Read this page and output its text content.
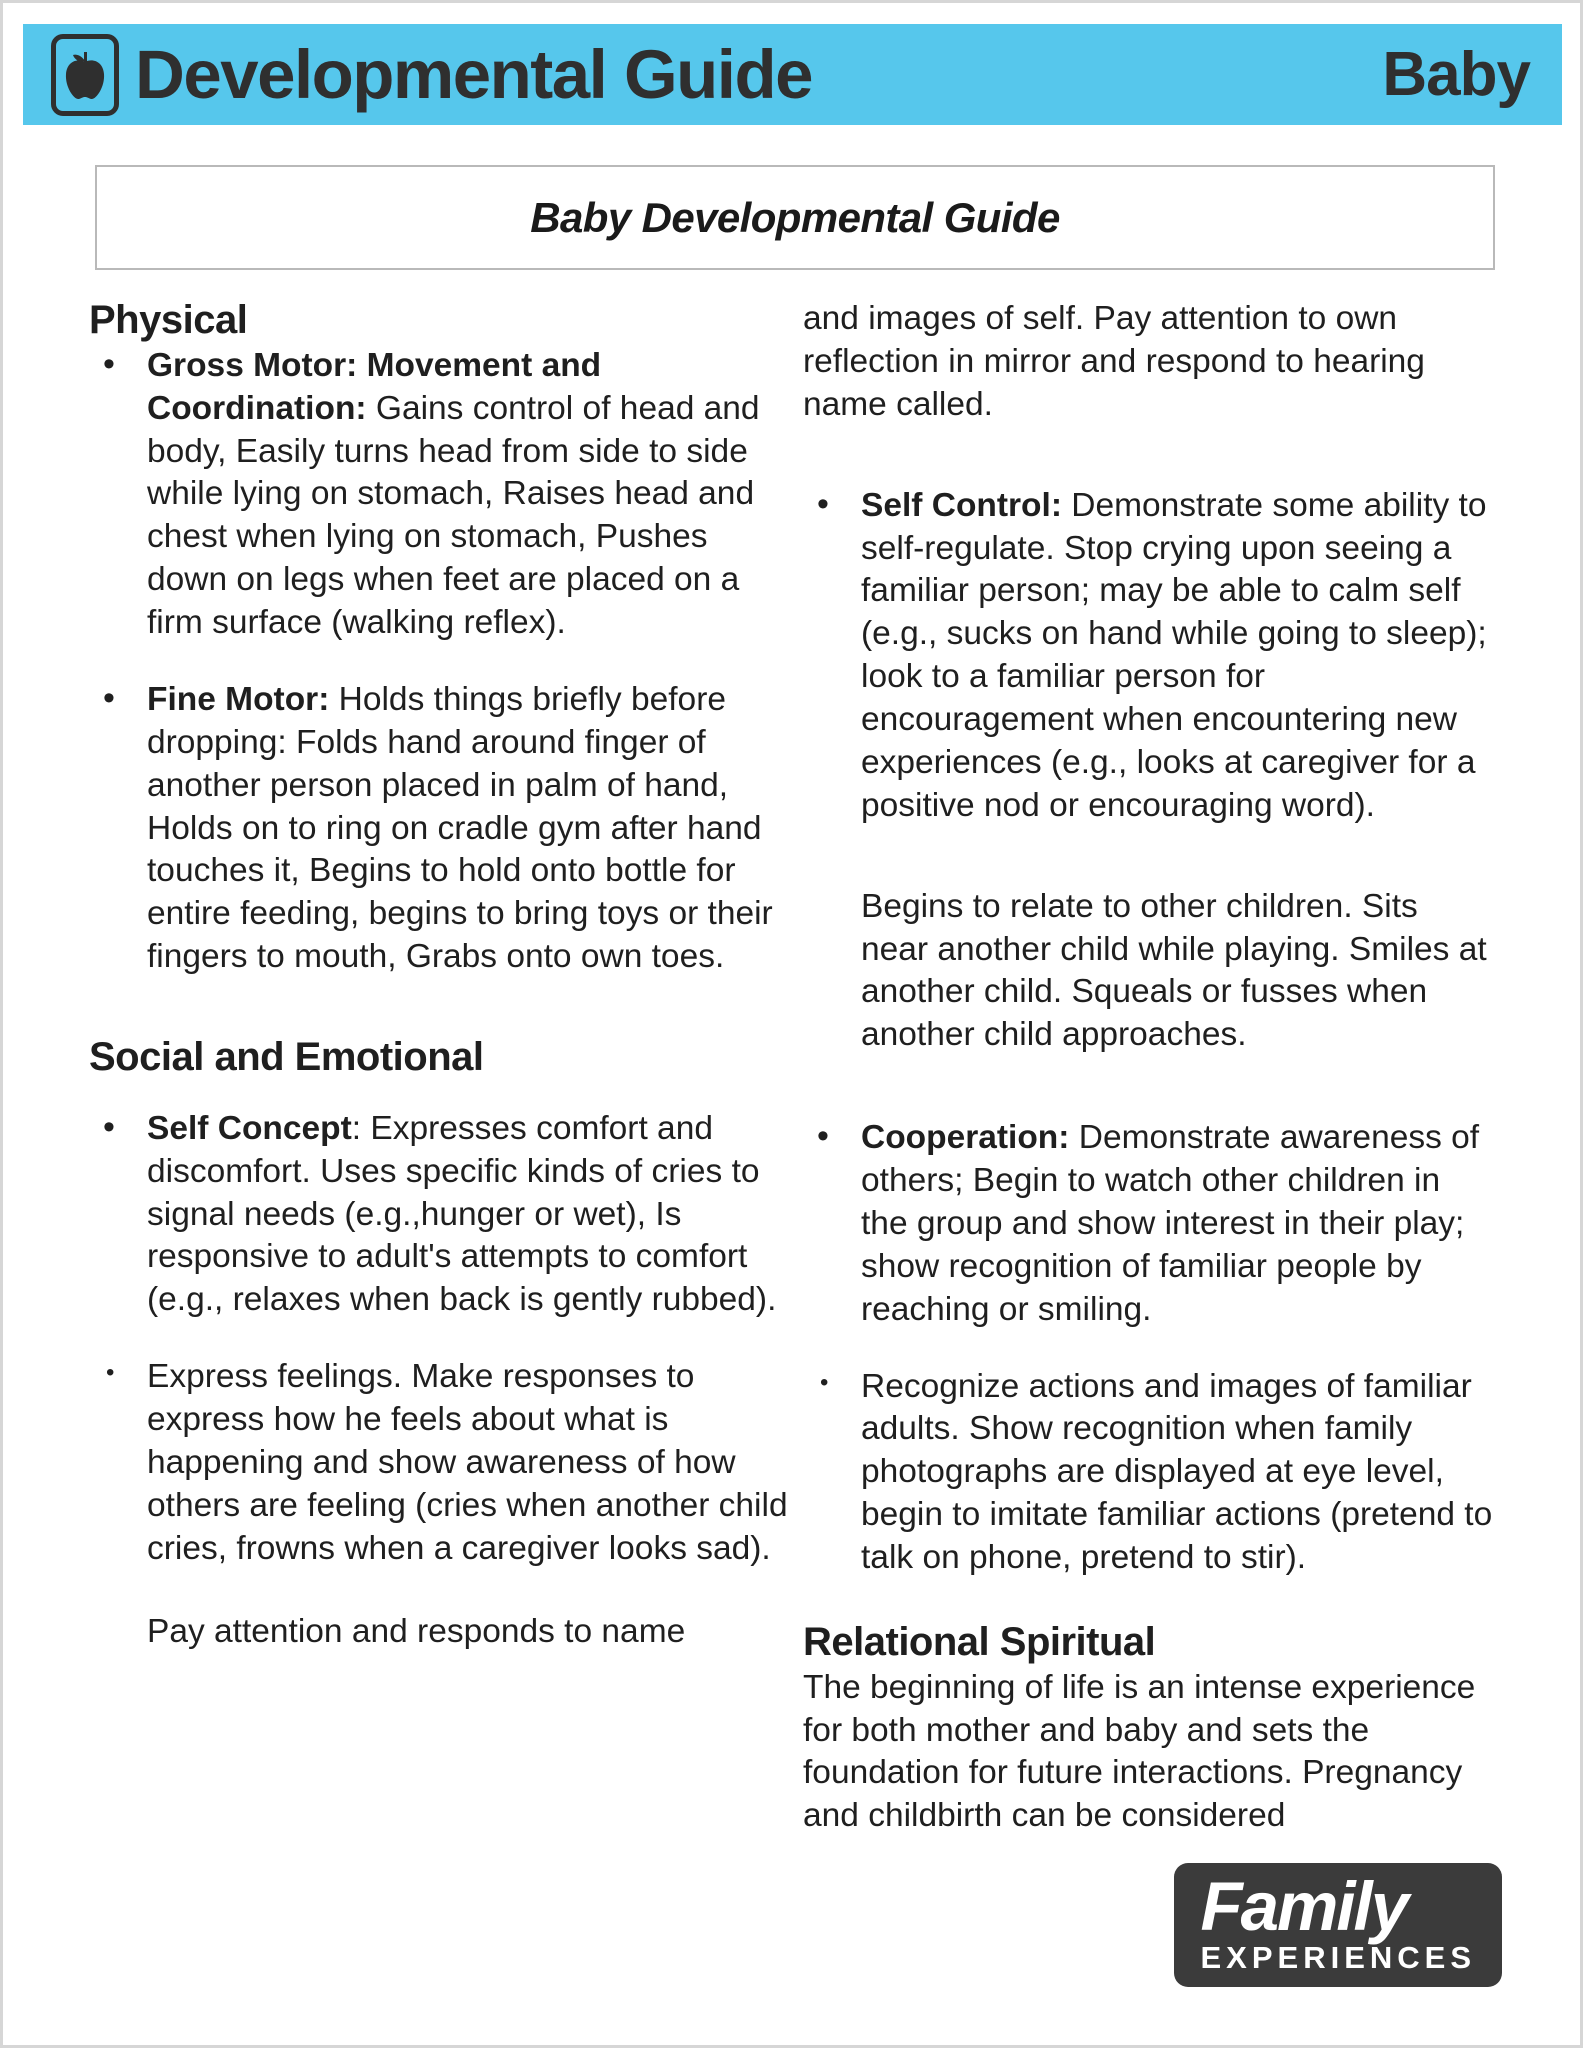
Developmental Guide	Baby
Baby Developmental Guide
Physical
• Gross Motor: Movement and Coordination: Gains control of head and body, Easily turns head from side to side while lying on stomach, Raises head and chest when lying on stomach, Pushes down on legs when feet are placed on a firm surface (walking reflex).
• Fine Motor: Holds things briefly before dropping: Folds hand around finger of another person placed in palm of hand, Holds on to ring on cradle gym after hand touches it, Begins to hold onto bottle for entire feeding, begins to bring toys or their fingers to mouth, Grabs onto own toes.
Social and Emotional
• Self Concept: Expresses comfort and discomfort. Uses specific kinds of cries to signal needs (e.g.,hunger or wet), Is responsive to adult's attempts to comfort (e.g., relaxes when back is gently rubbed).
• Express feelings. Make responses to express how he feels about what is happening and show awareness of how others are feeling (cries when another child cries, frowns when a caregiver looks sad).

Pay attention and responds to name

and images of self. Pay attention to own reflection in mirror and respond to hearing name called.

• Self Control: Demonstrate some ability to self-regulate. Stop crying upon seeing a familiar person; may be able to calm self (e.g., sucks on hand while going to sleep); look to a familiar person for encouragement when encountering new experiences (e.g., looks at caregiver for a positive nod or encouraging word).

Begins to relate to other children. Sits near another child while playing. Smiles at another child. Squeals or fusses when another child approaches.

• Cooperation: Demonstrate awareness of others; Begin to watch other children in the group and show interest in their play; show recognition of familiar people by reaching or smiling.
• Recognize actions and images of familiar adults. Show recognition when family photographs are displayed at eye level, begin to imitate familiar actions (pretend to talk on phone, pretend to stir).
Relational Spiritual

The beginning of life is an intense experience for both mother and baby and sets the foundation for future interactions. Pregnancy and childbirth can be considered

Family
EXPERIENCES
